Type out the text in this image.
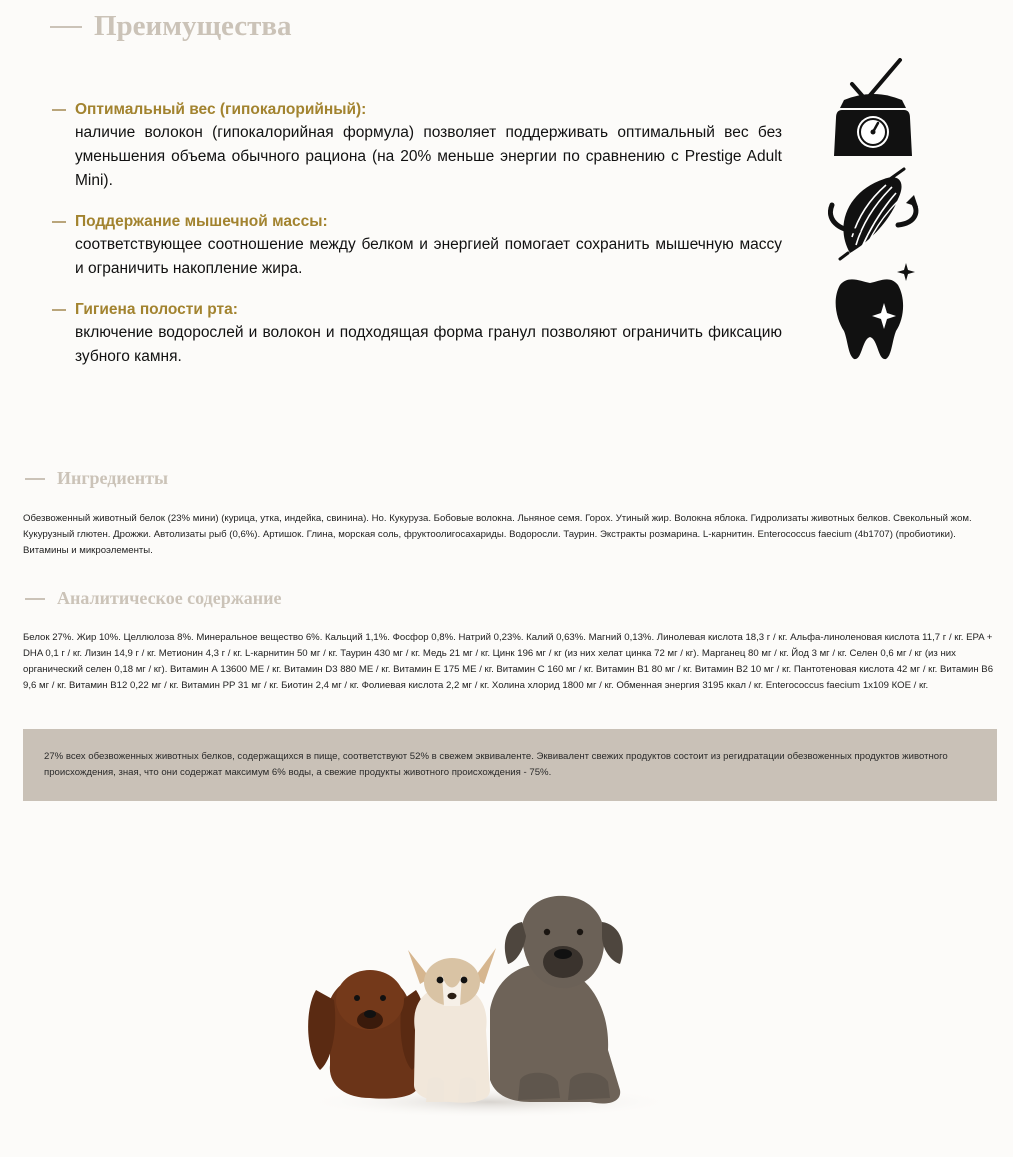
Преимущества
Оптимальный вес (гипокалорийный):
наличие волокон (гипокалорийная формула) позволяет поддерживать оптимальный вес без уменьшения объема обычного рациона (на 20% меньше энергии по сравнению с Prestige Adult Mini).
Поддержание мышечной массы:
соответствующее соотношение между белком и энергией помогает сохранить мышечную массу и ограничить накопление жира.
Гигиена полости рта:
включение водорослей и волокон и подходящая форма гранул позволяют ограничить фиксацию зубного камня.
Ингредиенты
Обезвоженный животный белок (23% мини) (курица, утка, индейка, свинина). Нo. Кукуруза. Бобовые волокна. Льняное семя. Горох. Утиный жир. Волокна яблока. Гидролизаты животных белков. Свекольный жом. Кукурузный глютен. Дрожжи. Автолизаты рыб (0,6%). Артишок. Глина, морская соль, фруктоолигосахариды. Водоросли. Таурин. Экстракты розмарина. L-карнитин. Enterococcus faecium (4b1707) (пробиотики). Витамины и микроэлементы.
Аналитическое содержание
Белок 27%. Жир 10%. Целлюлоза 8%. Минеральное вещество 6%. Кальций 1,1%. Фосфор 0,8%. Натрий 0,23%. Калий 0,63%. Магний 0,13%. Линолевая кислота 18,3 г / кг. Альфа-линоленовая кислота 11,7 г / кг. EPA + DHA 0,1 г / кг. Лизин 14,9 г / кг. Метионин 4,3 г / кг. L-карнитин 50 мг / кг. Таурин 430 мг / кг. Медь 21 мг / кг. Цинк 196 мг / кг (из них хелат цинка 72 мг / кг). Марганец 80 мг / кг. Йод 3 мг / кг. Селен 0,6 мг / кг (из них органический селен 0,18 мг / кг). Витамин А 13600 МЕ / кг. Витамин D3 880 МЕ / кг. Витамин Е 175 МЕ / кг. Витамин С 160 мг / кг. Витамин B1 80 мг / кг. Витамин B2 10 мг / кг. Пантотеновая кислота 42 мг / кг. Витамин B6 9,6 мг / кг. Витамин B12 0,22 мг / кг. Витамин PP 31 мг / кг. Биотин 2,4 мг / кг. Фолиевая кислота 2,2 мг / кг. Холина хлорид 1800 мг / кг. Обменная энергия 3195 ккал / кг. Enterococcus faecium 1x109 КОЕ / кг.
27% всех обезвоженных животных белков, содержащихся в пище, соответствуют 52% в свежем эквиваленте. Эквивалент свежих продуктов состоит из регидратации обезвоженных продуктов животного происхождения, зная, что они содержат максимум 6% воды, а свежие продукты животного происхождения - 75%.
